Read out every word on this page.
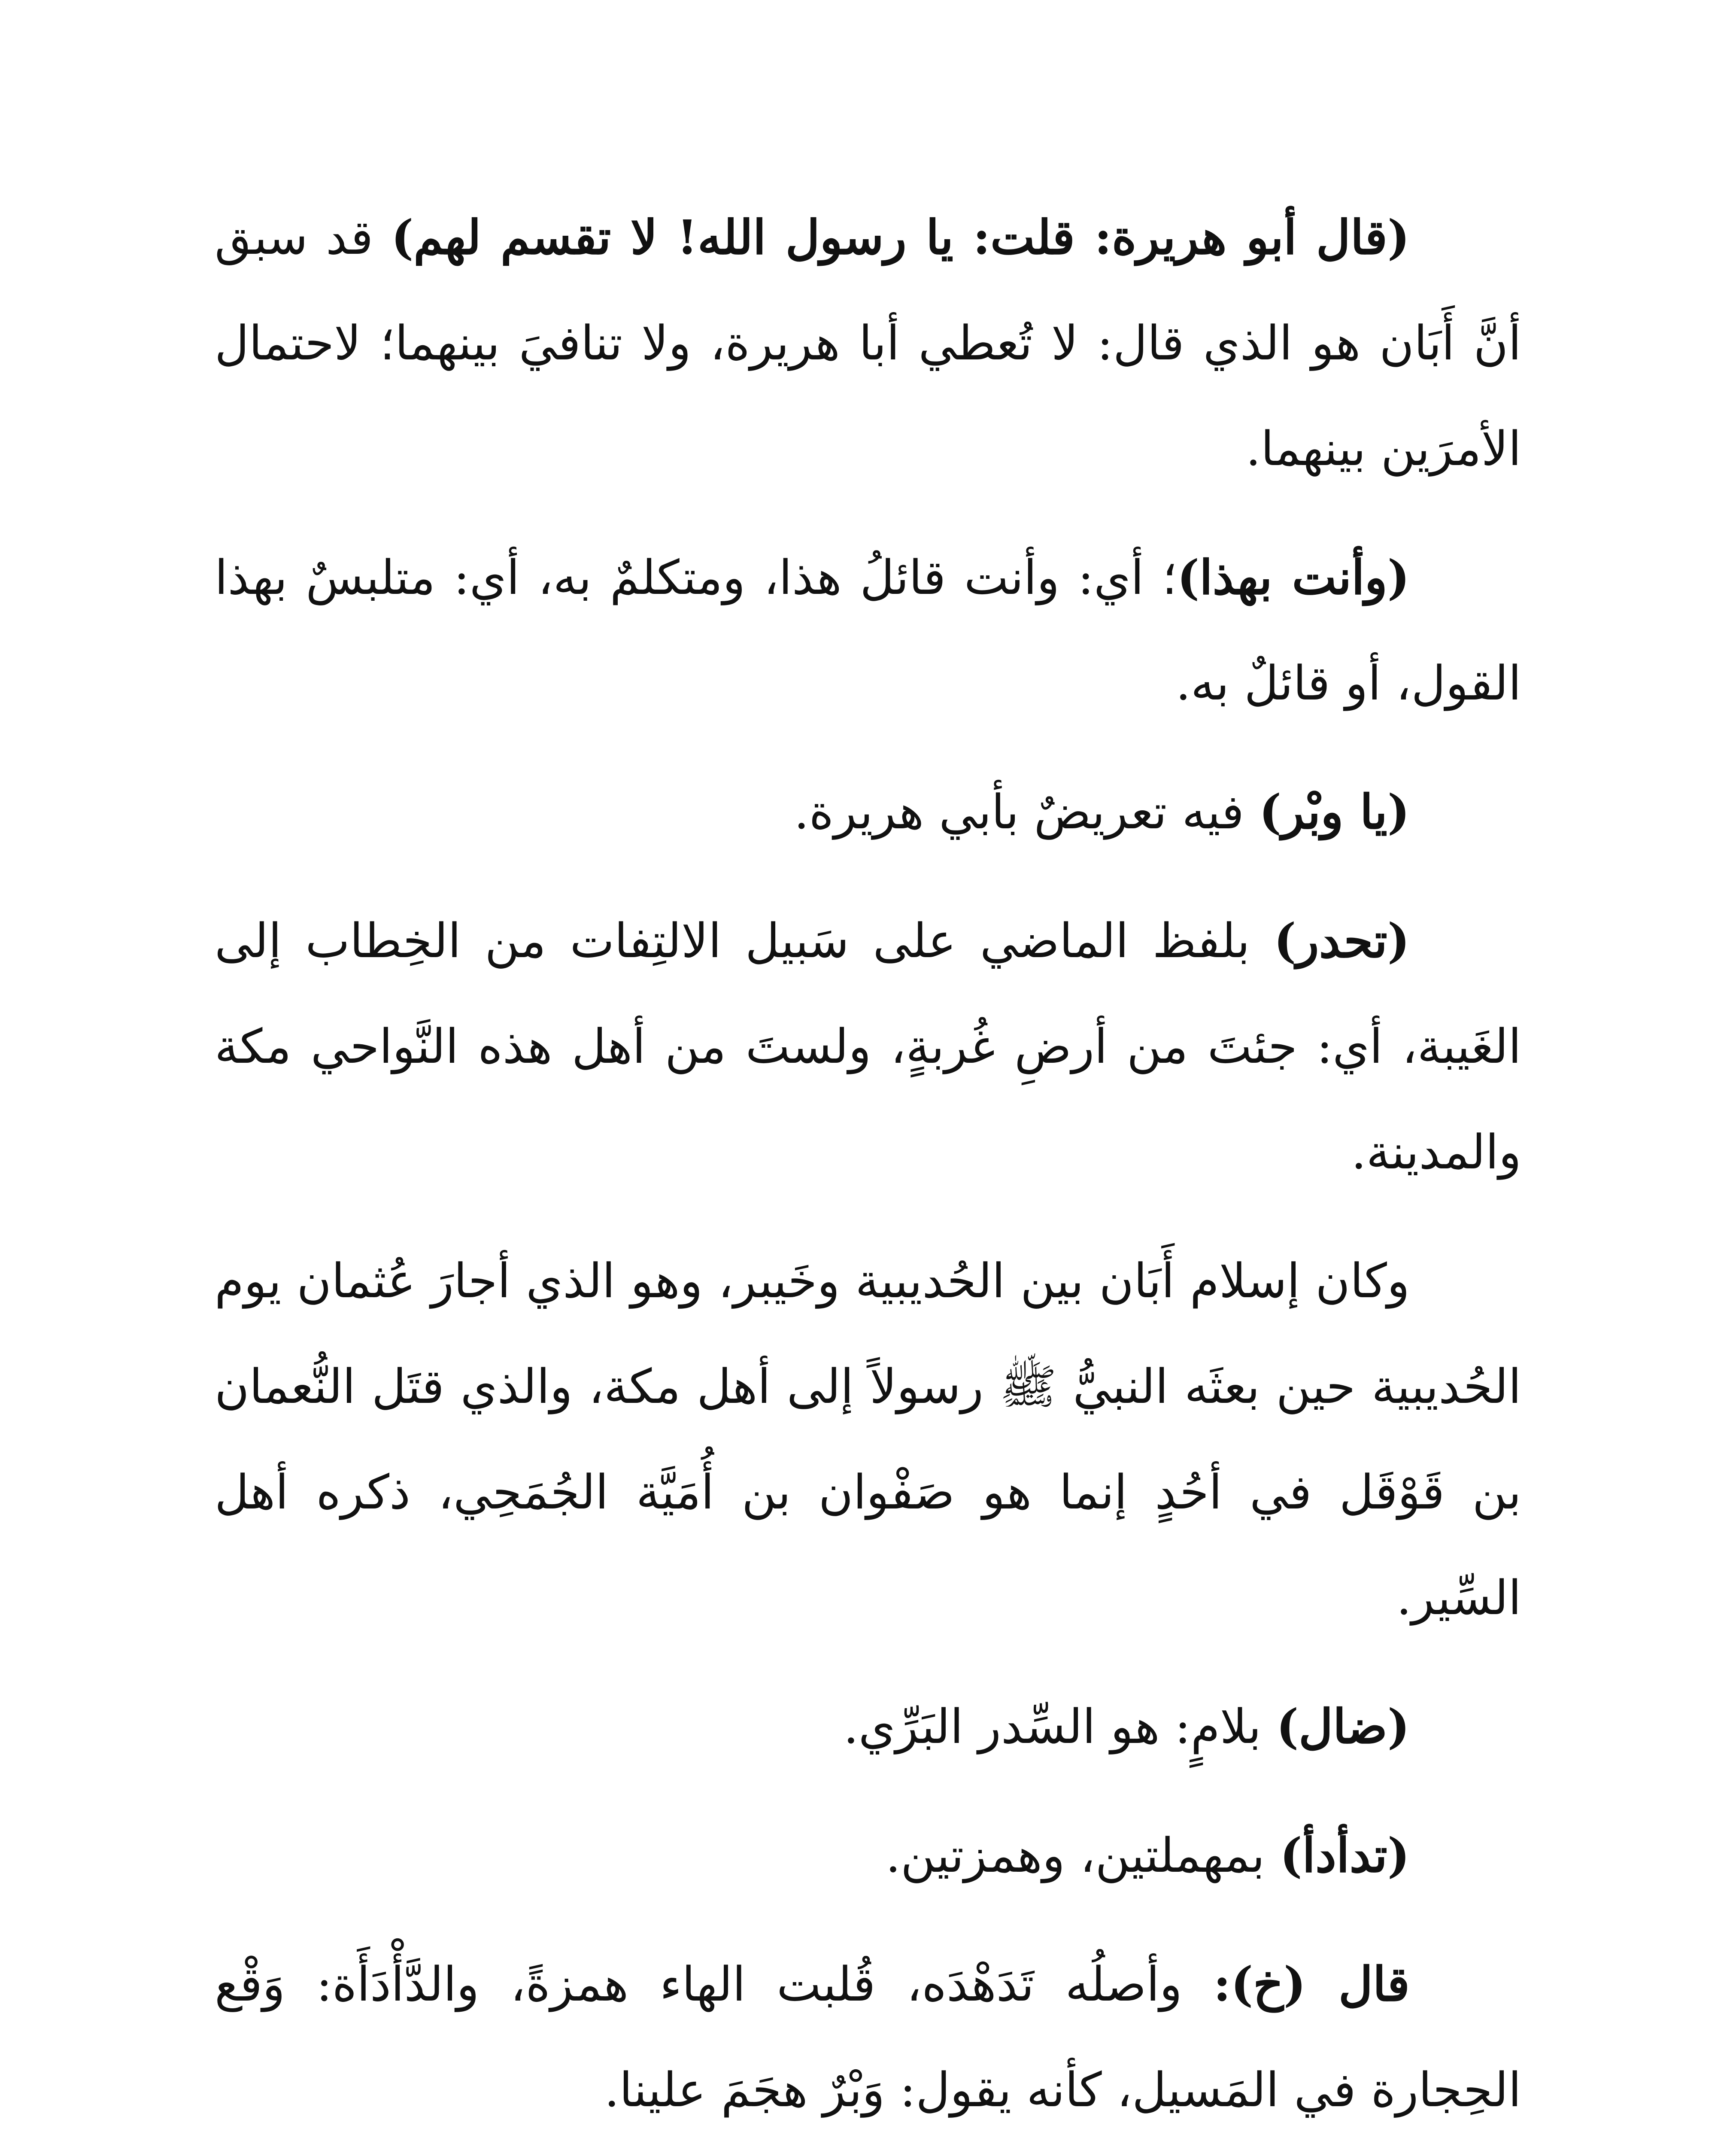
(قال أبو هريرة: قلت: يا رسول الله! لا تقسم لهم) قد سبق أنَّ أَبَان هو الذي قال: لا تُعطي أبا هريرة، ولا تنافيَ بينهما؛ لاحتمال الأمرَين بينهما.

(وأنت بهذا)؛ أي: وأنت قائلُ هذا، ومتكلمٌ به، أي: متلبسٌ بهذا القول، أو قائلٌ به.

(يا وبْر) فيه تعريضٌ بأبي هريرة.

(تحدر) بلفظ الماضي على سَبيل الالتِفات من الخِطاب إلى الغَيبة، أي: جئتَ من أرضِ غُربةٍ، ولستَ من أهل هذه النَّواحي مكة والمدينة.

وكان إسلام أَبَان بين الحُديبية وخَيبر، وهو الذي أجارَ عُثمان يوم الحُديبية حين بعثَه النبيُّ ﷺ رسولاً إلى أهل مكة، والذي قتَل النُّعمان بن قَوْقَل في أحُدٍ إنما هو صَفْوان بن أُمَيَّة الجُمَحِي، ذكره أهل السِّير.

(ضال) بلامٍ: هو السِّدر البَرِّي.

(تدأدأ) بمهملتين، وهمزتين.

قال (خ): وأصلُه تَدَهْدَه، قُلبت الهاء همزةً، والدَّأْدَأَة: وَقْع الحِجارة في المَسيل، كأنه يقول: وَبْرٌ هجَمَ علينا.
